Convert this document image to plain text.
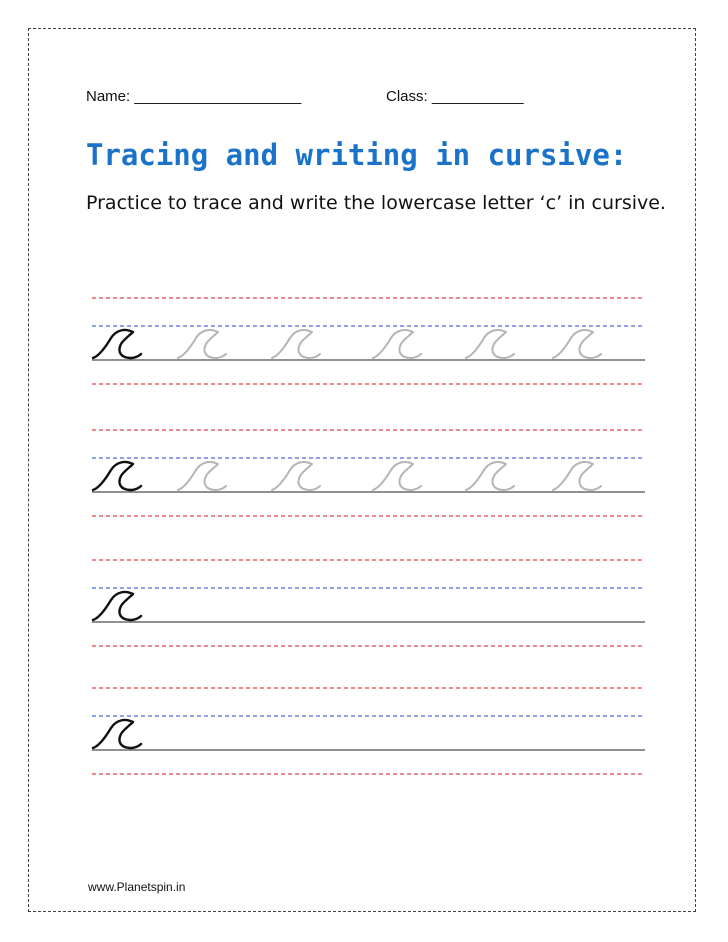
Name: ____________________	Class: ___________
Tracing and writing in cursive:
Practice to trace and write the lowercase letter ‘c’ in cursive.
www.Planetspin.in
